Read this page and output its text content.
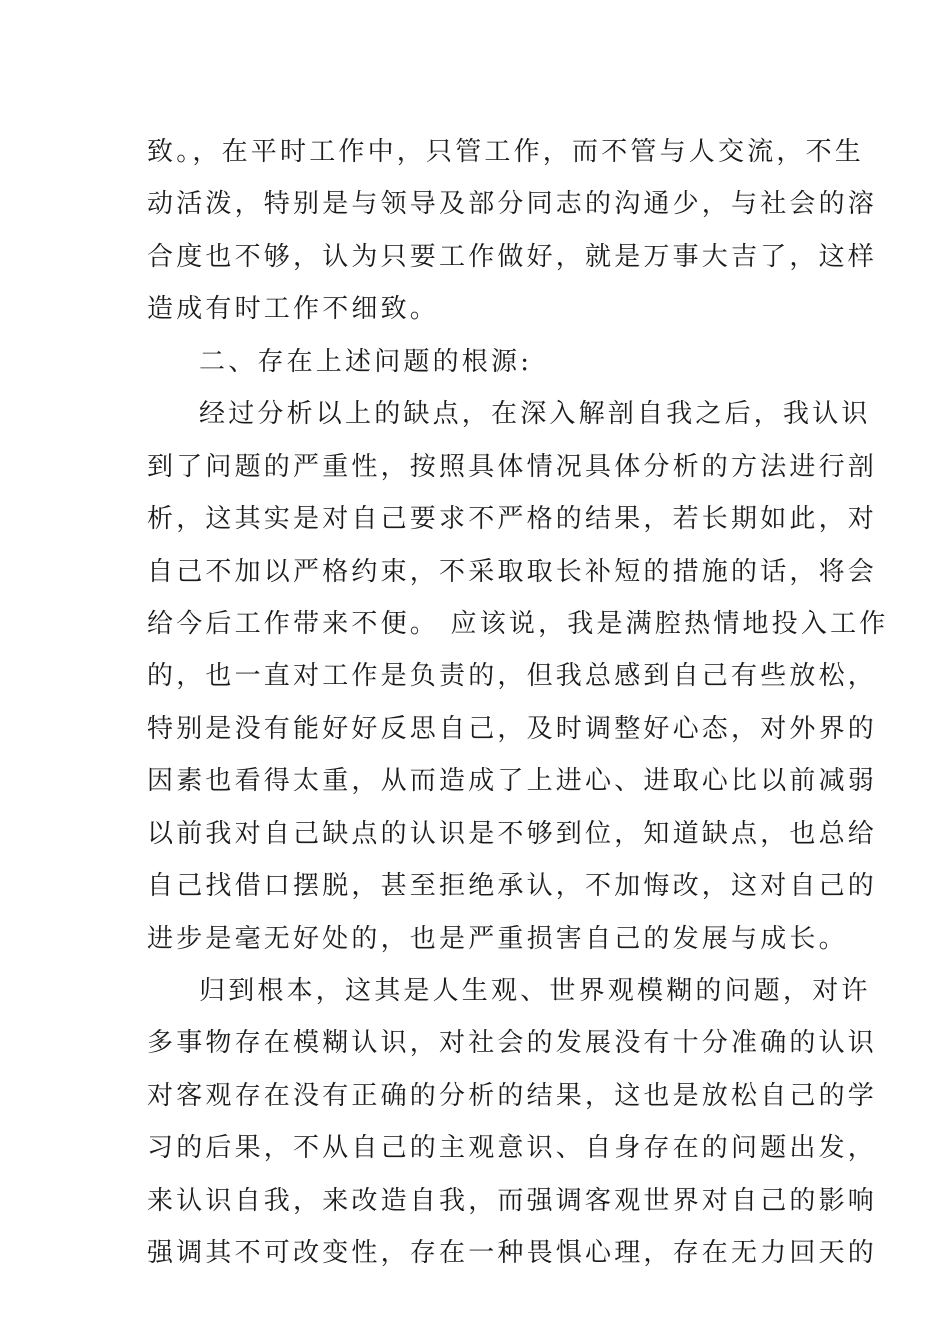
致。，在平时工作中，只管工作，而不管与人交流，不生
动活泼，特别是与领导及部分同志的沟通少，与社会的溶
合度也不够，认为只要工作做好，就是万事大吉了，这样
造成有时工作不细致。
二、存在上述问题的根源:
经过分析以上的缺点，在深入解剖自我之后，我认识
到了问题的严重性，按照具体情况具体分析的方法进行剖
析，这其实是对自己要求不严格的结果，若长期如此，对
自己不加以严格约束，不采取取长补短的措施的话，将会
给今后工作带来不便。 应该说，我是满腔热情地投入工作
的，也一直对工作是负责的，但我总感到自己有些放松，
特别是没有能好好反思自己，及时调整好心态，对外界的
因素也看得太重，从而造成了上进心、进取心比以前减弱
以前我对自己缺点的认识是不够到位，知道缺点，也总给
自己找借口摆脱，甚至拒绝承认，不加悔改，这对自己的
进步是毫无好处的，也是严重损害自己的发展与成长。
归到根本，这其是人生观、世界观模糊的问题，对许
多事物存在模糊认识，对社会的发展没有十分准确的认识
对客观存在没有正确的分析的结果，这也是放松自己的学
习的后果，不从自己的主观意识、自身存在的问题出发，
来认识自我，来改造自我，而强调客观世界对自己的影响
强调其不可改变性，存在一种畏惧心理，存在无力回天的
